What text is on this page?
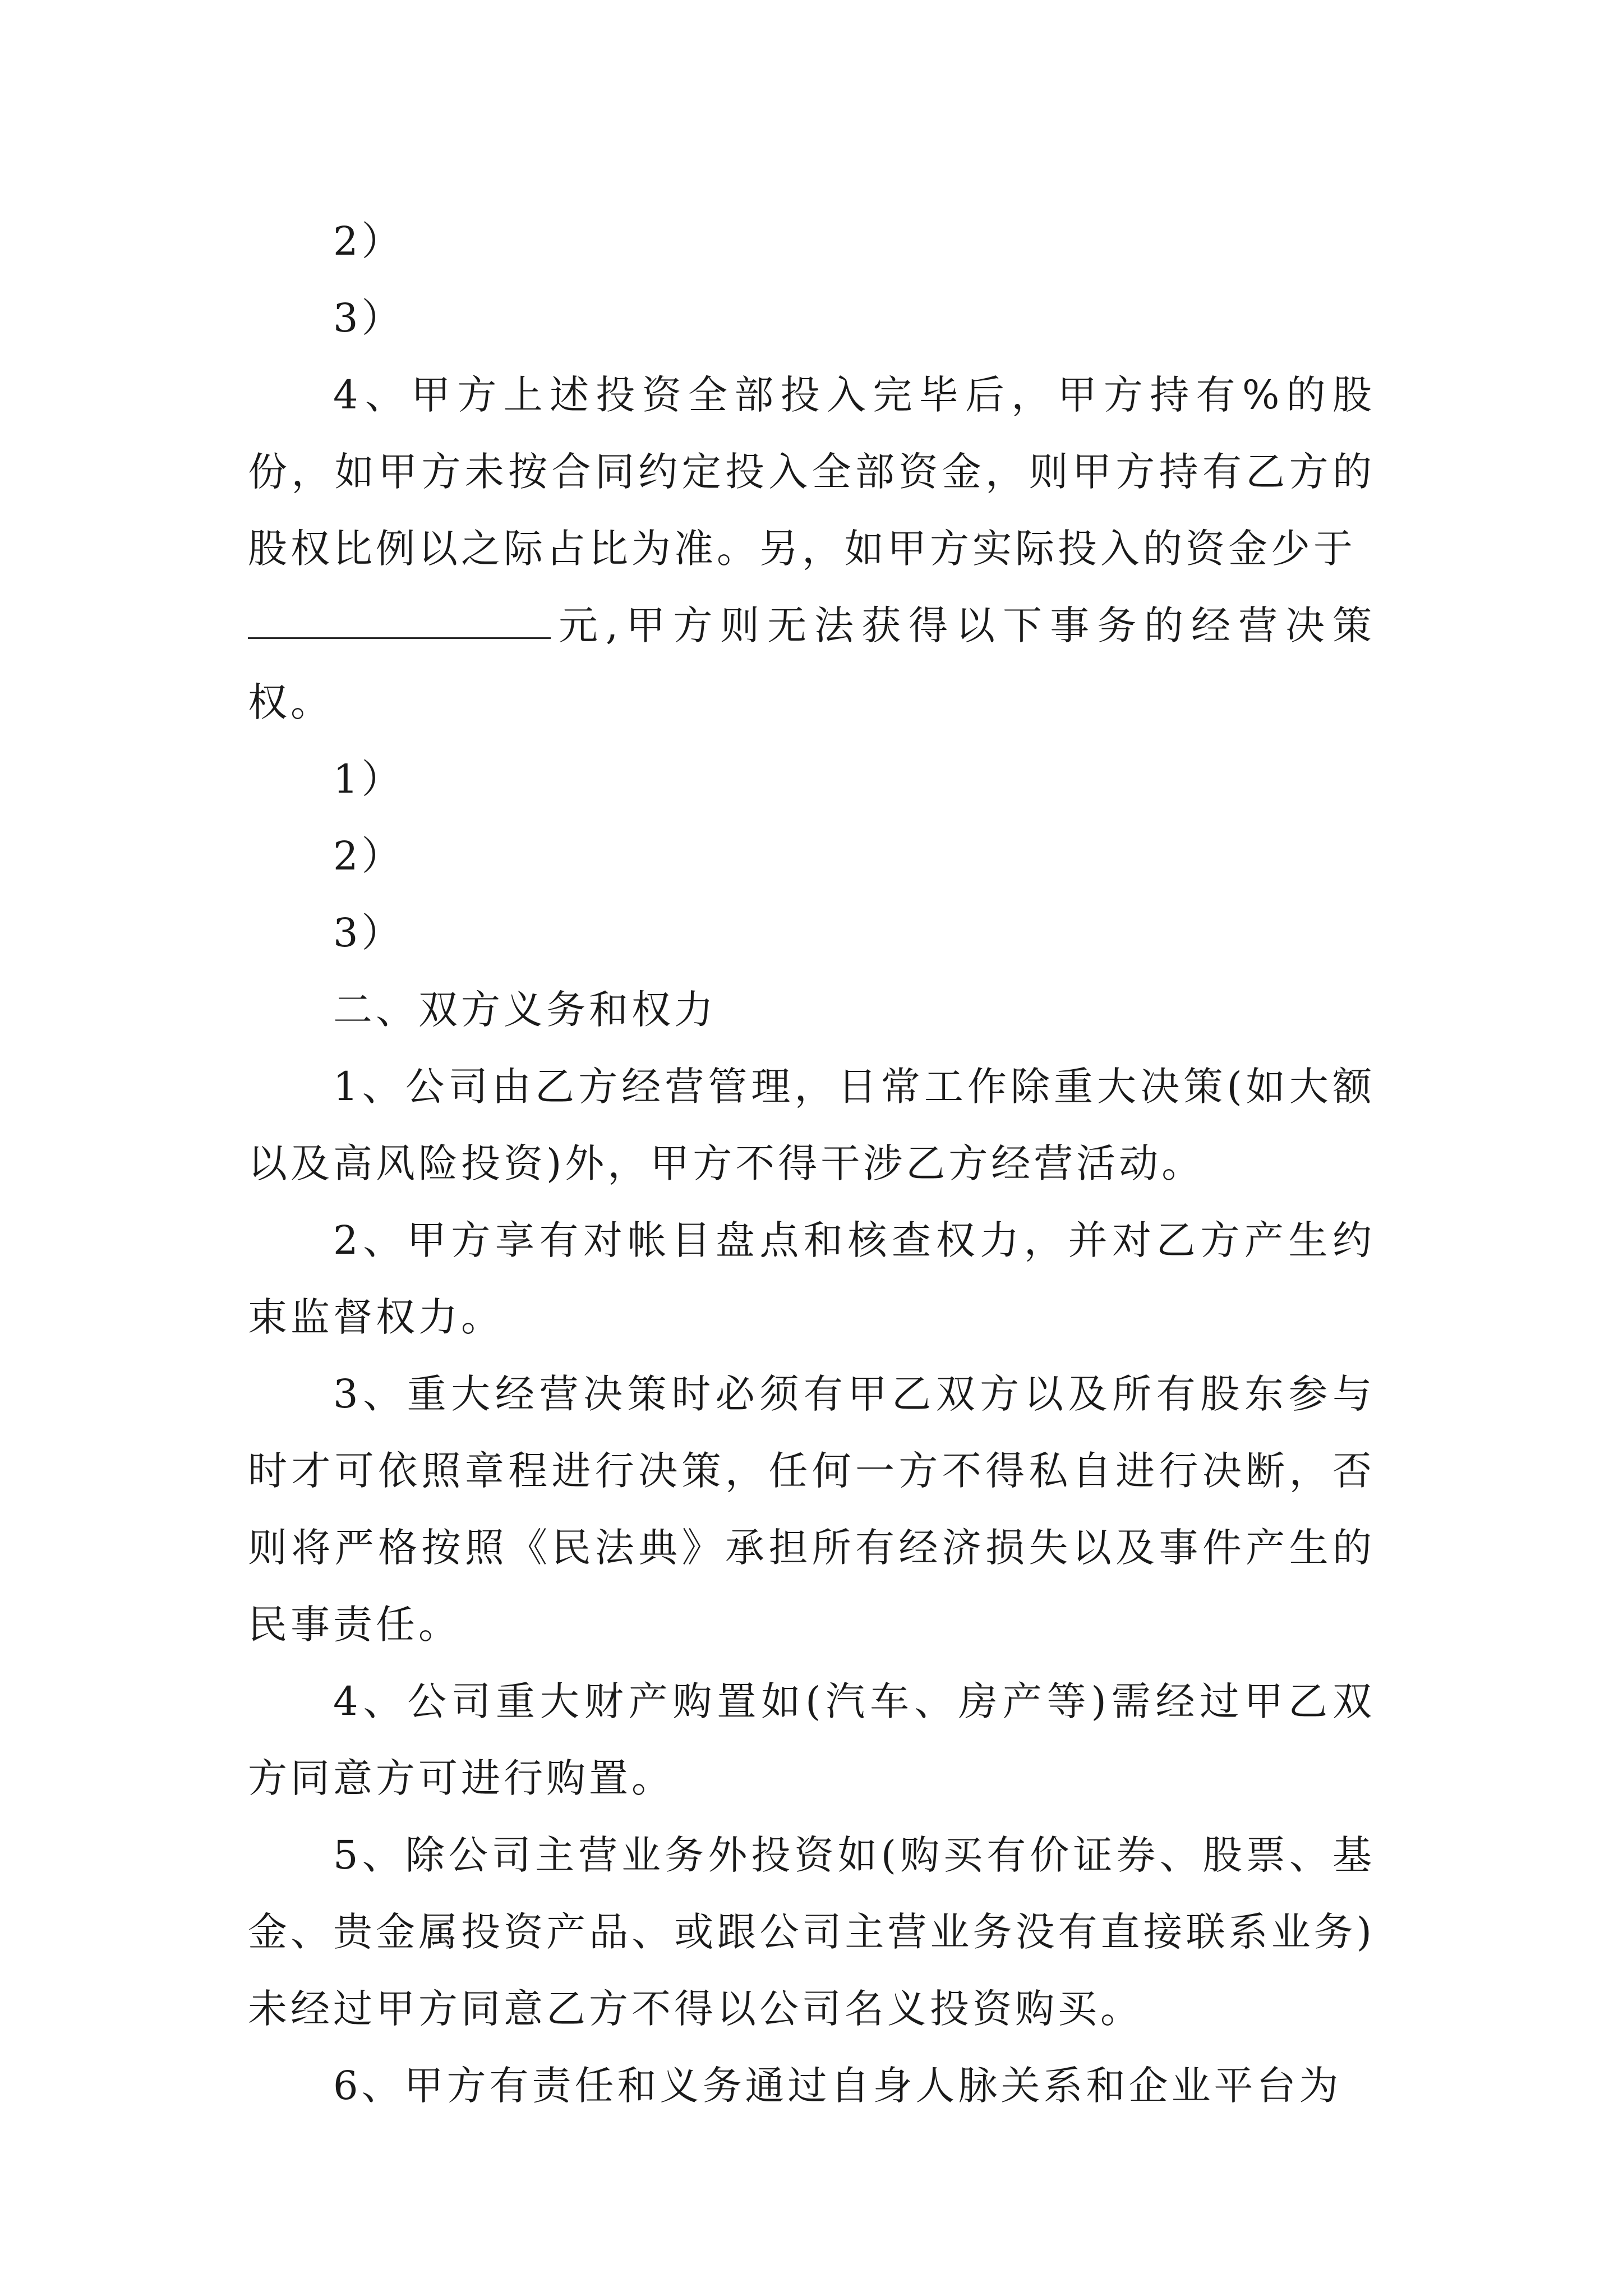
2）

3）

4、甲方上述投资全部投入完毕后，甲方持有%的股份，如甲方未按合同约定投入全部资金，则甲方持有乙方的股权比例以之际占比为准。另，如甲方实际投入的资金少于
元,甲方则无法获得以下事务的经营决策权。

1）

2）

3）

二、双方义务和权力

1、公司由乙方经营管理，日常工作除重大决策(如大额以及高风险投资)外，甲方不得干涉乙方经营活动。

2、甲方享有对帐目盘点和核查权力，并对乙方产生约束监督权力。

3、重大经营决策时必须有甲乙双方以及所有股东参与时才可依照章程进行决策，任何一方不得私自进行决断，否则将严格按照《民法典》承担所有经济损失以及事件产生的民事责任。

4、公司重大财产购置如(汽车、房产等)需经过甲乙双方同意方可进行购置。

5、除公司主营业务外投资如(购买有价证券、股票、基金、贵金属投资产品、或跟公司主营业务没有直接联系业务)未经过甲方同意乙方不得以公司名义投资购买。

6、甲方有责任和义务通过自身人脉关系和企业平台为
